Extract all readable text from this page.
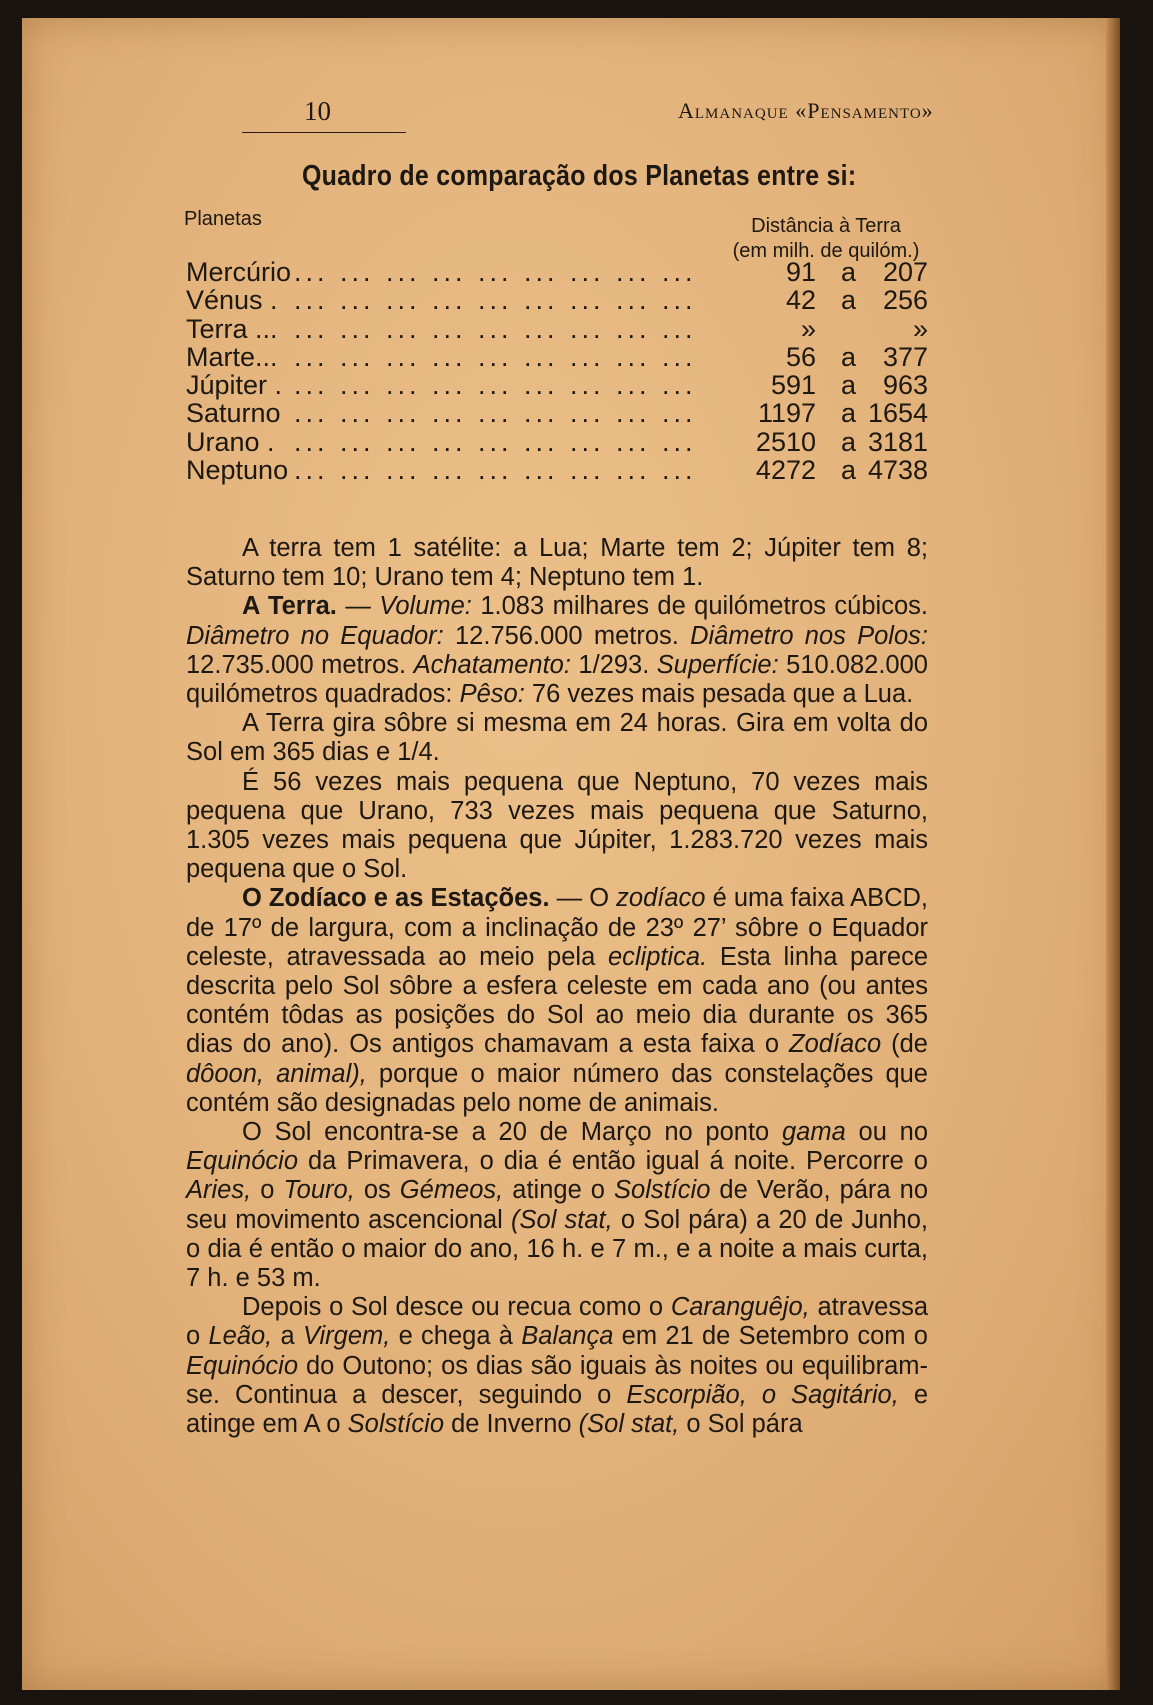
10	Almanaque «Pensamento»
Quadro de comparação dos Planetas entre si:
Planetas	Distância à Terra
(em milh. de quilóm.)
Mercúrio ... ... ... ... ... ... ... ... ...	91 a 207
Vénus . ... ... ... ... ... ... ... ... ...	42 a 256
Terra ... ... ... ... ... ... ... ... ... ...	»	»
Marte... ... ... ... ... ... ... ... ... ...	56 a 377
Júpiter . ... ... ... ... ... ... ... ... ...	591 a 963
Saturno ... ... ... ... ... ... ... ... ...	1197 a 1654
Urano . ... ... ... ... ... ... ... ... ...	2510 a 3181
Neptuno ... ... ... ... ... ... ... ... ...	4272 a 4738

A terra tem 1 satélite: a Lua; Marte tem 2; Júpiter tem 8; Saturno tem 10; Urano tem 4; Neptuno tem 1.

A Terra. — Volume: 1.083 milhares de quilómetros cúbicos. Diâmetro no Equador: 12.756.000 metros. Diâmetro nos Polos: 12.735.000 metros. Achatamento: 1/293. Superfície: 510.082.000 quilómetros quadrados: Pêso: 76 vezes mais pesada que a Lua.

A Terra gira sôbre si mesma em 24 horas. Gira em volta do Sol em 365 dias e 1/4.

É 56 vezes mais pequena que Neptuno, 70 vezes mais pequena que Urano, 733 vezes mais pequena que Saturno, 1.305 vezes mais pequena que Júpiter, 1.283.720 vezes mais pequena que o Sol.

O Zodíaco e as Estações. — O zodíaco é uma faixa ABCD, de 17º de largura, com a inclinação de 23º 27’ sôbre o Equador celeste, atravessada ao meio pela ecliptica. Esta linha parece descrita pelo Sol sôbre a esfera celeste em cada ano (ou antes contém tôdas as posições do Sol ao meio dia durante os 365 dias do ano). Os antigos chamavam a esta faixa o Zodíaco (de dôoon, animal), porque o maior número das constelações que contém são designadas pelo nome de animais.

O Sol encontra-se a 20 de Março no ponto gama ou no Equinócio da Primavera, o dia é então igual á noite. Percorre o Aries, o Touro, os Gémeos, atinge o Solstício de Verão, pára no seu movimento ascencional (Sol stat, o Sol pára) a 20 de Junho, o dia é então o maior do ano, 16 h. e 7 m., e a noite a mais curta, 7 h. e 53 m.

Depois o Sol desce ou recua como o Caranguêjo, atravessa o Leão, a Virgem, e chega à Balança em 21 de Setembro com o Equinócio do Outono; os dias são iguais às noites ou equilibram-se. Continua a descer, seguindo o Escorpião, o Sagitário, e atinge em A o Solstício de Inverno (Sol stat, o Sol pára
